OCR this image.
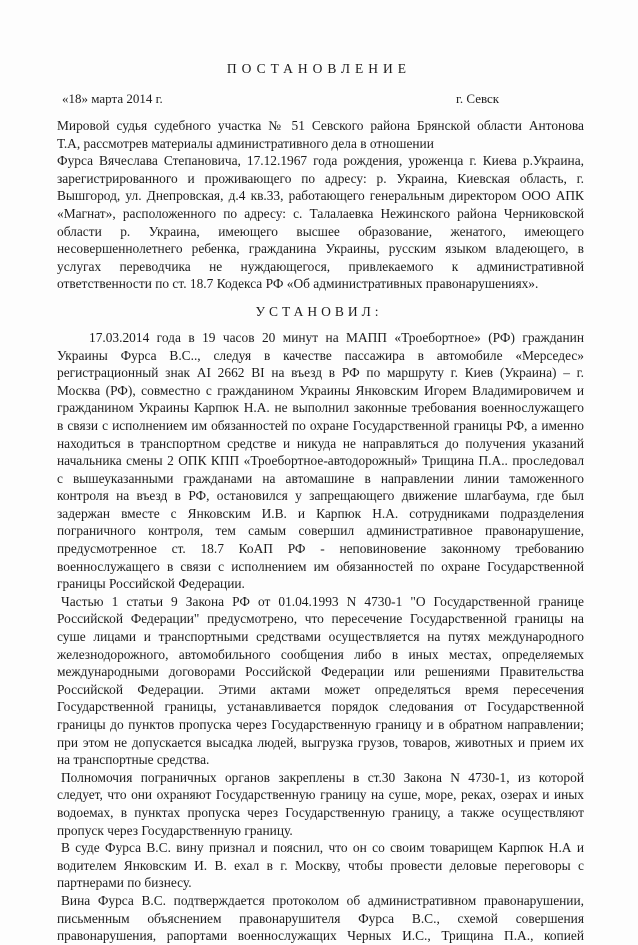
ПОСТАНОВЛЕНИЕ
«18» марта 2014 г.	г. Севск
Мировой судья судебного участка № 51 Севского района Брянской области Антонова
Т.А, рассмотрев материалы административного дела в отношении
Фурса Вячеслава Степановича, 17.12.1967 года рождения, уроженца г. Киева р.Украина,
зарегистрированного и проживающего по адресу: р. Украина, Киевская область, г.
Вышгород, ул. Днепровская, д.4 кв.33, работающего генеральным директором ООО АПК
«Магнат», расположенного по адресу: с. Талалаевка Нежинского района Черниковской
области р. Украина, имеющего высшее образование, женатого, имеющего
несовершеннолетнего ребенка, гражданина Украины, русским языком владеющего, в
услугах переводчика не нуждающегося, привлекаемого к административной
ответственности по ст. 18.7 Кодекса РФ «Об административных правонарушениях».
УСТАНОВИЛ:
17.03.2014 года в 19 часов 20 минут на МАПП «Троебортное» (РФ) гражданин
Украины Фурса В.С.., следуя в качестве пассажира в автомобиле «Мерседес»
регистрационный знак AI 2662 BI на въезд в РФ по маршруту г. Киев (Украина) – г.
Москва (РФ), совместно с гражданином Украины Янковским Игорем Владимировичем и
гражданином Украины Карпюк Н.А. не выполнил законные требования военнослужащего
в связи с исполнением им обязанностей по охране Государственной границы РФ, а именно
находиться в транспортном средстве и никуда не направляться до получения указаний
начальника смены 2 ОПК КПП «Троебортное-автодорожный» Трищина П.А.. проследовал
с вышеуказанными гражданами на автомашине в направлении линии таможенного
контроля на въезд в РФ, остановился у запрещающего движение шлагбаума, где был
задержан вместе с Янковским И.В. и Карпюк Н.А. сотрудниками подразделения
пограничного контроля, тем самым совершил административное правонарушение,
предусмотренное ст. 18.7 КоАП РФ - неповиновение законному требованию
военнослужащего в связи с исполнением им обязанностей по охране Государственной
границы Российской Федерации.
Частью 1 статьи 9 Закона РФ от 01.04.1993 N 4730-1 "О Государственной границе
Российской Федерации" предусмотрено, что пересечение Государственной границы на
суше лицами и транспортными средствами осуществляется на путях международного
железнодорожного, автомобильного сообщения либо в иных местах, определяемых
международными договорами Российской Федерации или решениями Правительства
Российской Федерации. Этими актами может определяться время пересечения
Государственной границы, устанавливается порядок следования от Государственной
границы до пунктов пропуска через Государственную границу и в обратном направлении;
при этом не допускается высадка людей, выгрузка грузов, товаров, животных и прием их
на транспортные средства.
Полномочия пограничных органов закреплены в ст.30 Закона N 4730-1, из которой
следует, что они охраняют Государственную границу на суше, море, реках, озерах и иных
водоемах, в пунктах пропуска через Государственную границу, а также осуществляют
пропуск через Государственную границу.
В суде Фурса В.С. вину признал и пояснил, что он со своим товарищем Карпюк Н.А и
водителем Янковским И. В. ехал в г. Москву, чтобы провести деловые переговоры с
партнерами по бизнесу.
Вина Фурса В.С. подтверждается протоколом об административном правонарушении,
письменным объяснением правонарушителя Фурса В.С., схемой совершения
правонарушения, рапортами военнослужащих Черных И.С., Трищина П.А., копией
